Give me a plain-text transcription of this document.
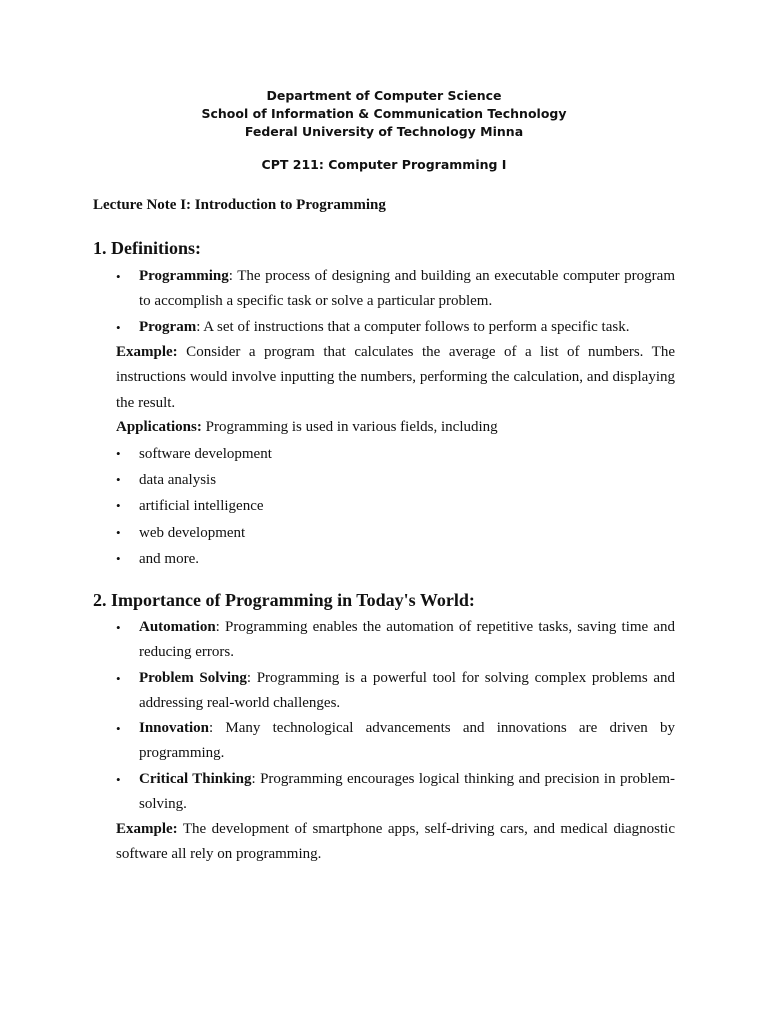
Department of Computer Science
School of Information & Communication Technology
Federal University of Technology Minna
CPT 211: Computer Programming I
Lecture Note I: Introduction to Programming
1. Definitions:
• Programming: The process of designing and building an executable computer program to accomplish a specific task or solve a particular problem.
• Program: A set of instructions that a computer follows to perform a specific task.

Example: Consider a program that calculates the average of a list of numbers. The instructions would involve inputting the numbers, performing the calculation, and displaying the result.

Applications: Programming is used in various fields, including

• software development
• data analysis
• artificial intelligence
• web development
• and more.
2. Importance of Programming in Today's World:
• Automation: Programming enables the automation of repetitive tasks, saving time and reducing errors.
• Problem Solving: Programming is a powerful tool for solving complex problems and addressing real-world challenges.
• Innovation: Many technological advancements and innovations are driven by programming.
• Critical Thinking: Programming encourages logical thinking and precision in problem-solving.

Example: The development of smartphone apps, self-driving cars, and medical diagnostic software all rely on programming.
